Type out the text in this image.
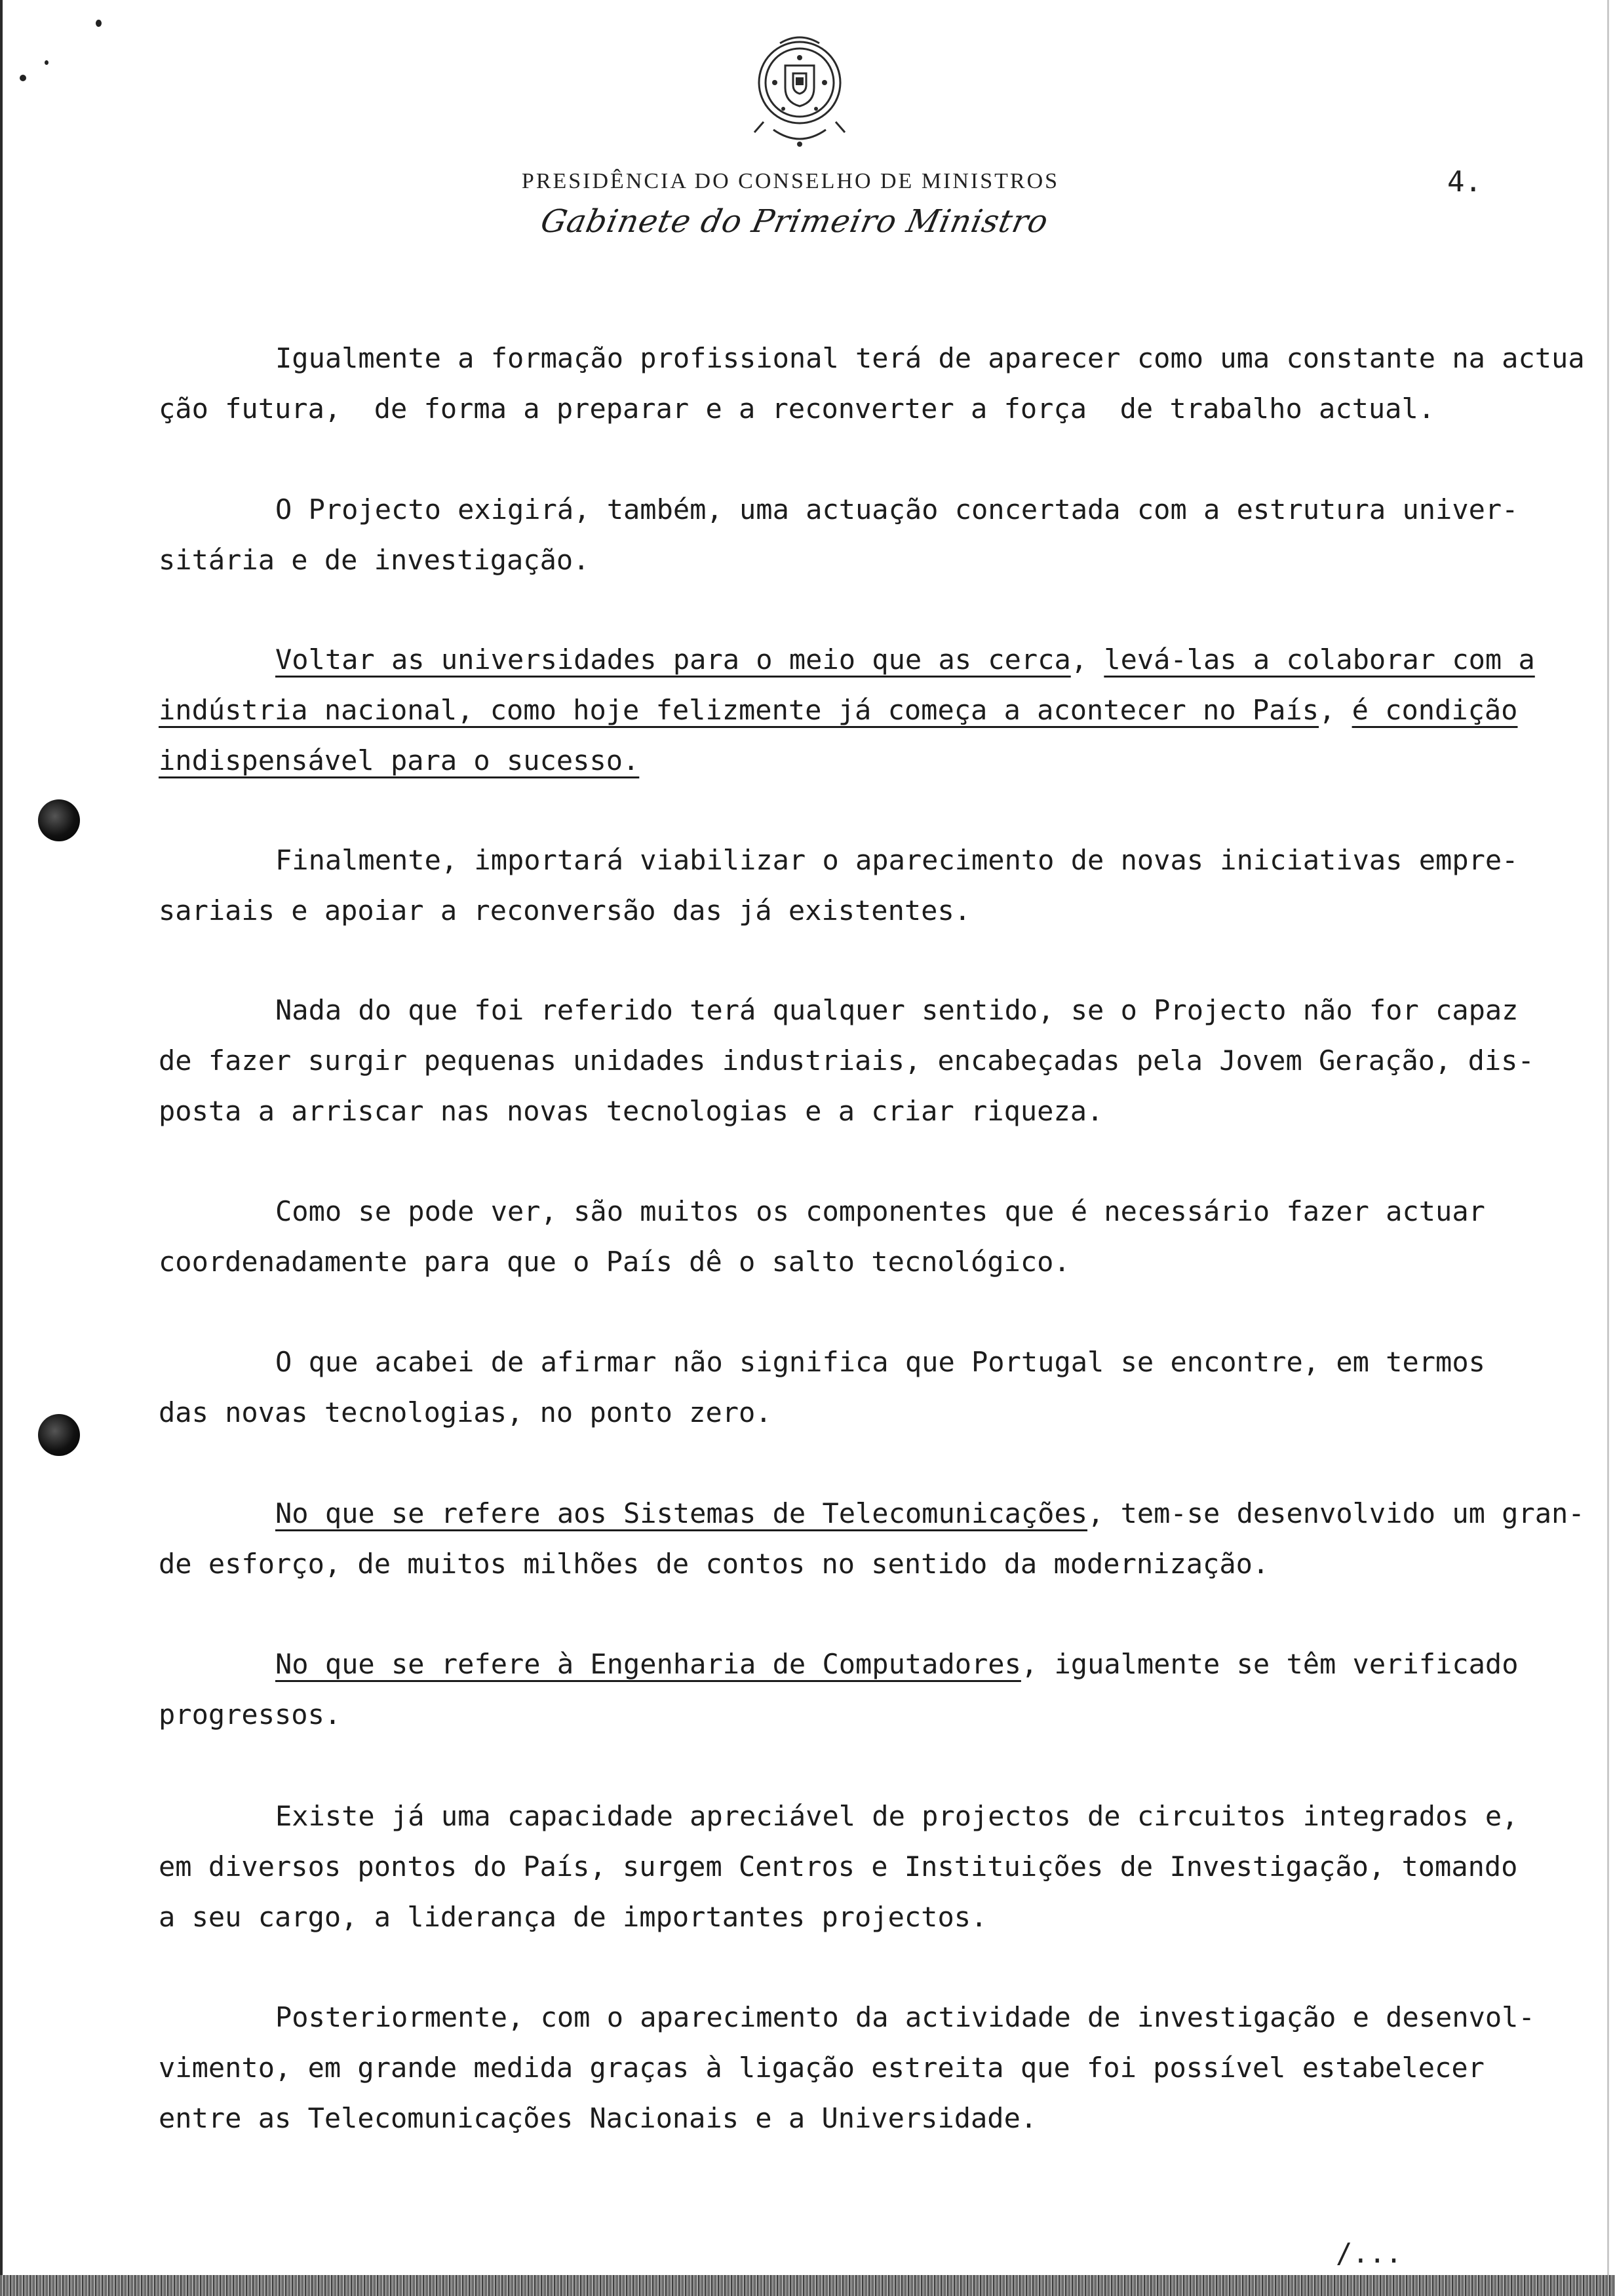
PRESIDÊNCIA DO CONSELHO DE MINISTROS
Gabinete do Primeiro Ministro
4.
Igualmente a formação profissional terá de aparecer como uma constante na actua
ção futura,  de forma a preparar e a reconverter a força  de trabalho actual.
O Projecto exigirá, também, uma actuação concertada com a estrutura univer-
sitária e de investigação.
Voltar as universidades para o meio que as cerca, levá-las a colaborar com a
indústria nacional, como hoje felizmente já começa a acontecer no País, é condição
indispensável para o sucesso.
Finalmente, importará viabilizar o aparecimento de novas iniciativas empre-
sariais e apoiar a reconversão das já existentes.
Nada do que foi referido terá qualquer sentido, se o Projecto não for capaz
de fazer surgir pequenas unidades industriais, encabeçadas pela Jovem Geração, dis-
posta a arriscar nas novas tecnologias e a criar riqueza.
Como se pode ver, são muitos os componentes que é necessário fazer actuar
coordenadamente para que o País dê o salto tecnológico.
O que acabei de afirmar não significa que Portugal se encontre, em termos
das novas tecnologias, no ponto zero.
No que se refere aos Sistemas de Telecomunicações, tem-se desenvolvido um gran-
de esforço, de muitos milhões de contos no sentido da modernização.
No que se refere à Engenharia de Computadores, igualmente se têm verificado
progressos.
Existe já uma capacidade apreciável de projectos de circuitos integrados e,
em diversos pontos do País, surgem Centros e Instituições de Investigação, tomando
a seu cargo, a liderança de importantes projectos.
Posteriormente, com o aparecimento da actividade de investigação e desenvol-
vimento, em grande medida graças à ligação estreita que foi possível estabelecer
entre as Telecomunicações Nacionais e a Universidade.
/...
